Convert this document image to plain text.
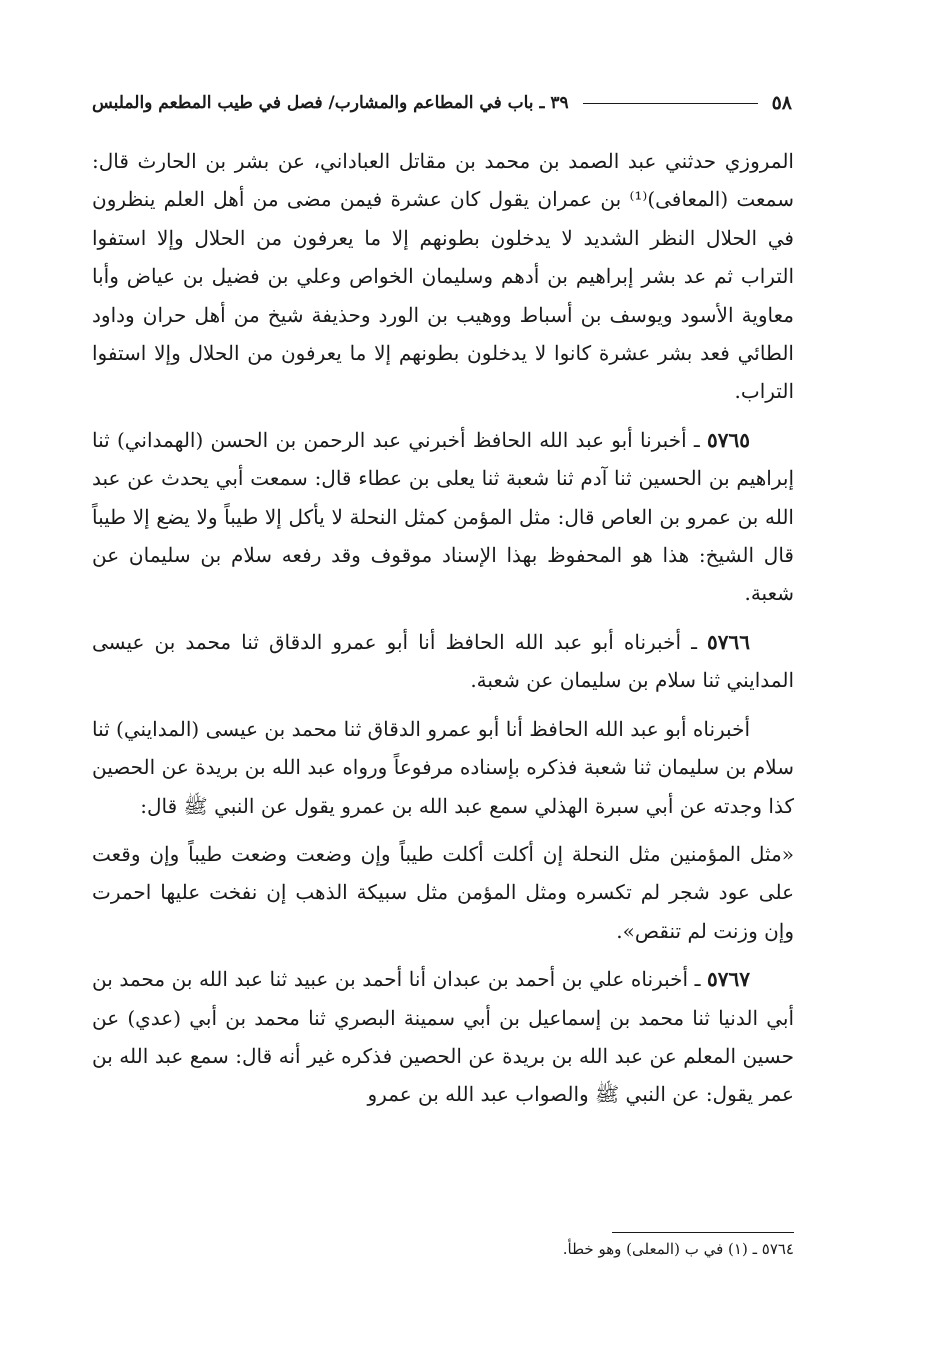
٣٩ ـ باب في المطاعم والمشارب/ فصل في طيب المطعم والملبس	٥٨

المروزي حدثني عبد الصمد بن محمد بن مقاتل العباداني، عن بشر بن الحارث قال: سمعت (المعافى)⁽¹⁾ بن عمران يقول كان عشرة فيمن مضى من أهل العلم ينظرون في الحلال النظر الشديد لا يدخلون بطونهم إلا ما يعرفون من الحلال وإلا استفوا التراب ثم عد بشر إبراهيم بن أدهم وسليمان الخواص وعلي بن فضيل بن عياض وأبا معاوية الأسود ويوسف بن أسباط ووهيب بن الورد وحذيفة شيخ من أهل حران وداود الطائي فعد بشر عشرة كانوا لا يدخلون بطونهم إلا ما يعرفون من الحلال وإلا استفوا التراب.

٥٧٦٥ ـ أخبرنا أبو عبد الله الحافظ أخبرني عبد الرحمن بن الحسن (الهمداني) ثنا إبراهيم بن الحسين ثنا آدم ثنا شعبة ثنا يعلى بن عطاء قال: سمعت أبي يحدث عن عبد الله بن عمرو بن العاص قال: مثل المؤمن كمثل النحلة لا يأكل إلا طيباً ولا يضع إلا طيباً قال الشيخ: هذا هو المحفوظ بهذا الإسناد موقوف وقد رفعه سلام بن سليمان عن شعبة.

٥٧٦٦ ـ أخبرناه أبو عبد الله الحافظ أنا أبو عمرو الدقاق ثنا محمد بن عيسى المدايني ثنا سلام بن سليمان عن شعبة.

أخبرناه أبو عبد الله الحافظ أنا أبو عمرو الدقاق ثنا محمد بن عيسى (المدايني) ثنا سلام بن سليمان ثنا شعبة فذكره بإسناده مرفوعاً ورواه عبد الله بن بريدة عن الحصين كذا وجدته عن أبي سبرة الهذلي سمع عبد الله بن عمرو يقول عن النبي ﷺ قال:

«مثل المؤمنين مثل النحلة إن أكلت أكلت طيباً وإن وضعت وضعت طيباً وإن وقعت على عود شجر لم تكسره ومثل المؤمن مثل سبيكة الذهب إن نفخت عليها احمرت وإن وزنت لم تنقص».

٥٧٦٧ ـ أخبرناه علي بن أحمد بن عبدان أنا أحمد بن عبيد ثنا عبد الله بن محمد بن أبي الدنيا ثنا محمد بن إسماعيل بن أبي سمينة البصري ثنا محمد بن أبي (عدي) عن حسين المعلم عن عبد الله بن بريدة عن الحصين فذكره غير أنه قال: سمع عبد الله بن عمر يقول: عن النبي ﷺ والصواب عبد الله بن عمرو

٥٧٦٤ ـ (١) في ب (المعلى) وهو خطأ.
